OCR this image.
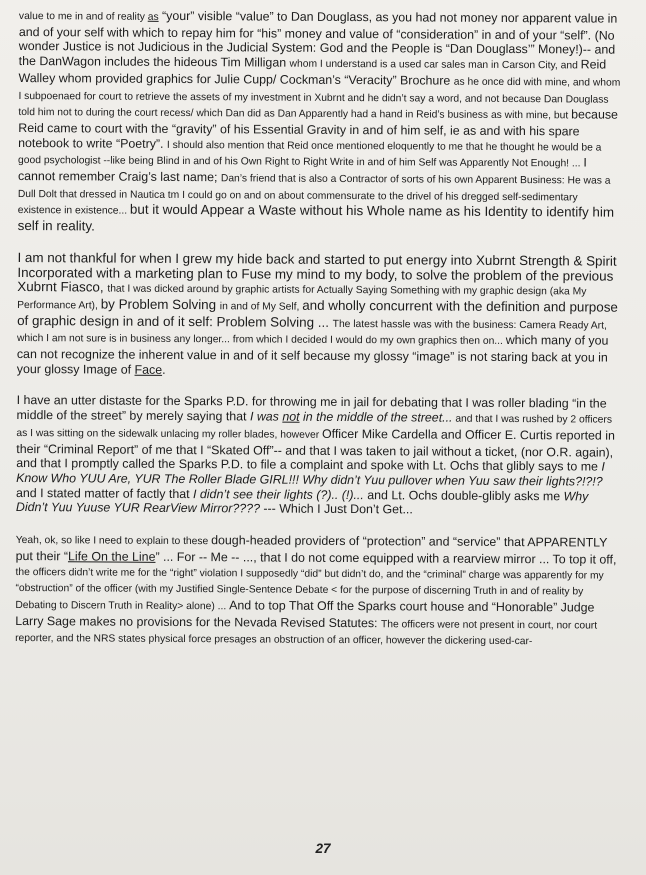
value to me in and of reality as “your” visible “value” to Dan Douglass, as you had not money nor apparent value in and of your self with which to repay him for “his” money and value of “consideration” in and of your “self”. (No wonder Justice is not Judicious in the Judicial System: God and the People is “Dan Douglass’” Money!)-- and the DanWagon includes the hideous Tim Milligan whom I understand is a used car sales man in Carson City, and Reid Walley whom provided graphics for Julie Cupp/ Cockman’s “Veracity” Brochure as he once did with mine, and whom I subpoenaed for court to retrieve the assets of my investment in Xubrnt and he didn’t say a word, and not because Dan Douglass told him not to during the court recess/ which Dan did as Dan Apparently had a hand in Reid’s business as with mine, but because Reid came to court with the “gravity” of his Essential Gravity in and of him self, ie as and with his spare notebook to write “Poetry”. I should also mention that Reid once mentioned eloquently to me that he thought he would be a good psychologist --like being Blind in and of his Own Right to Right Write in and of him Self was Apparently Not Enough! ... I cannot remember Craig’s last name; Dan’s friend that is also a Contractor of sorts of his own Apparent Business: He was a Dull Dolt that dressed in Nautica tm I could go on and on about commensurate to the drivel of his dregged self-sedimentary existence in existence... but it would Appear a Waste without his Whole name as his Identity to identify him self in reality.

I am not thankful for when I grew my hide back and started to put energy into Xubrnt Strength & Spirit Incorporated with a marketing plan to Fuse my mind to my body, to solve the problem of the previous Xubrnt Fiasco, that I was dicked around by graphic artists for Actually Saying Something with my graphic design (aka My Performance Art), by Problem Solving in and of My Self, and wholly concurrent with the definition and purpose of graphic design in and of it self: Problem Solving ... The latest hassle was with the business: Camera Ready Art, which I am not sure is in business any longer... from which I decided I would do my own graphics then on... which many of you can not recognize the inherent value in and of it self because my glossy “image” is not staring back at you in your glossy Image of Face.

I have an utter distaste for the Sparks P.D. for throwing me in jail for debating that I was roller blading “in the middle of the street” by merely saying that I was not in the middle of the street... and that I was rushed by 2 officers as I was sitting on the sidewalk unlacing my roller blades, however Officer Mike Cardella and Officer E. Curtis reported in their “Criminal Report” of me that I “Skated Off”-- and that I was taken to jail without a ticket, (nor O.R. again), and that I promptly called the Sparks P.D. to file a complaint and spoke with Lt. Ochs that glibly says to me I Know Who YUU Are, YUR The Roller Blade GIRL!!! Why didn’t Yuu pullover when Yuu saw their lights?!?!? and I stated matter of factly that I didn’t see their lights (?).. (!)... and Lt. Ochs double-glibly asks me Why Didn’t Yuu Yuuse YUR RearView Mirror???? --- Which I Just Don’t Get...

Yeah, ok, so like I need to explain to these dough-headed providers of “protection” and “service” that APPARENTLY put their “Life On the Line” ... For -- Me -- ..., that I do not come equipped with a rearview mirror ... To top it off, the officers didn’t write me for the “right” violation I supposedly “did” but didn’t do, and the “criminal” charge was apparently for my “obstruction” of the officer (with my Justified Single-Sentence Debate < for the purpose of discerning Truth in and of reality by Debating to Discern Truth in Reality> alone) ... And to top That Off the Sparks court house and “Honorable” Judge Larry Sage makes no provisions for the Nevada Revised Statutes: The officers were not present in court, nor court reporter, and the NRS states physical force presages an obstruction of an officer, however the dickering used-car-

27
